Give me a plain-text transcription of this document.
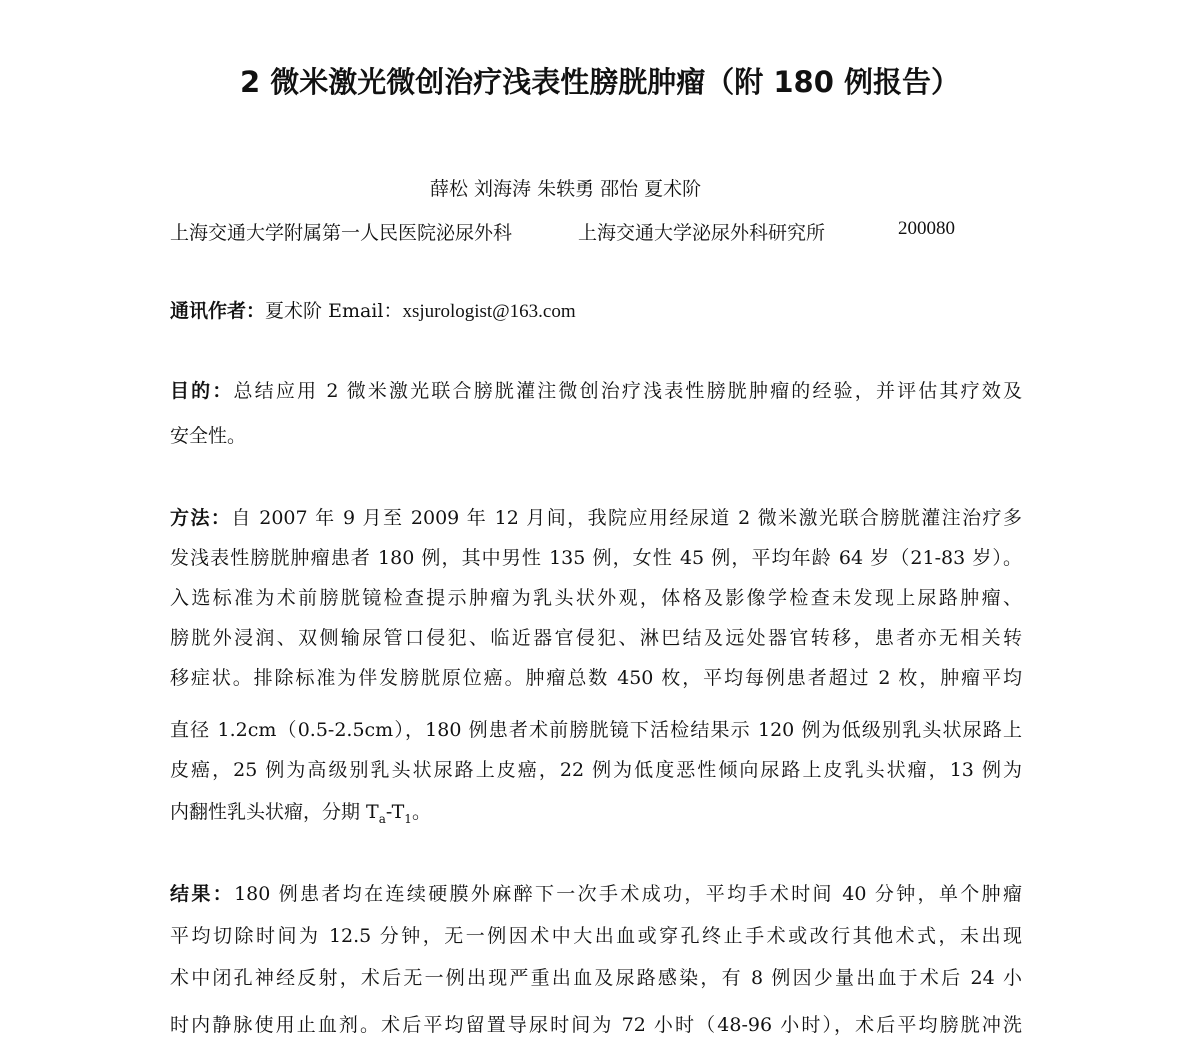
2 微米激光微创治疗浅表性膀胱肿瘤（附 180 例报告）
薛松 刘海涛 朱轶勇 邵怡 夏术阶
上海交通大学附属第一人民医院泌尿外科	上海交通大学泌尿外科研究所	200080
通讯作者：夏术阶 Email：xsjurologist@163.com
目的：总结应用 2 微米激光联合膀胱灌注微创治疗浅表性膀胱肿瘤的经验，并评估其疗效及
安全性。
方法：自 2007 年 9 月至 2009 年 12 月间，我院应用经尿道 2 微米激光联合膀胱灌注治疗多
发浅表性膀胱肿瘤患者 180 例，其中男性 135 例，女性 45 例，平均年龄 64 岁（21-83 岁）。
入选标准为术前膀胱镜检查提示肿瘤为乳头状外观，体格及影像学检查未发现上尿路肿瘤、
膀胱外浸润、双侧输尿管口侵犯、临近器官侵犯、淋巴结及远处器官转移，患者亦无相关转
移症状。排除标准为伴发膀胱原位癌。肿瘤总数 450 枚，平均每例患者超过 2 枚，肿瘤平均
直径 1.2cm（0.5-2.5cm），180 例患者术前膀胱镜下活检结果示 120 例为低级别乳头状尿路上
皮癌，25 例为高级别乳头状尿路上皮癌，22 例为低度恶性倾向尿路上皮乳头状瘤，13 例为
内翻性乳头状瘤，分期 $T_a-T_1$。
结果：180 例患者均在连续硬膜外麻醉下一次手术成功，平均手术时间 40 分钟，单个肿瘤
平均切除时间为 12.5 分钟，无一例因术中大出血或穿孔终止手术或改行其他术式，未出现
术中闭孔神经反射，术后无一例出现严重出血及尿路感染，有 8 例因少量出血于术后 24 小
时内静脉使用止血剂。术后平均留置导尿时间为 72 小时（48-96 小时），术后平均膀胱冲洗
